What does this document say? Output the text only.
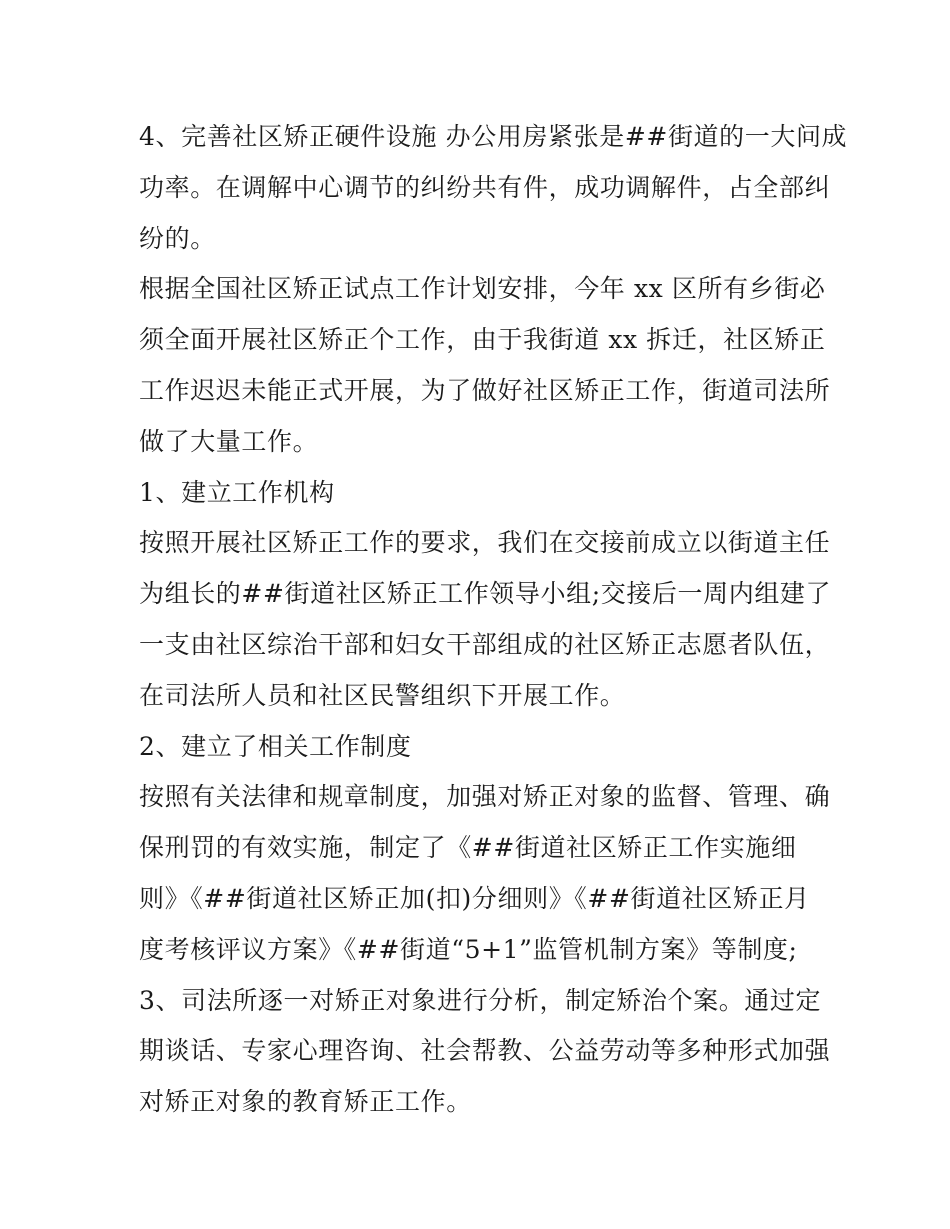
4、完善社区矫正硬件设施 办公用房紧张是##街道的一大问成
功率。在调解中心调节的纠纷共有件，成功调解件，占全部纠
纷的。
根据全国社区矫正试点工作计划安排，今年 xx 区所有乡街必
须全面开展社区矫正个工作，由于我街道 xx 拆迁，社区矫正
工作迟迟未能正式开展，为了做好社区矫正工作，街道司法所
做了大量工作。
1、建立工作机构
按照开展社区矫正工作的要求，我们在交接前成立以街道主任
为组长的##街道社区矫正工作领导小组;交接后一周内组建了
一支由社区综治干部和妇女干部组成的社区矫正志愿者队伍，
在司法所人员和社区民警组织下开展工作。
2、建立了相关工作制度
按照有关法律和规章制度，加强对矫正对象的监督、管理、确
保刑罚的有效实施，制定了《##街道社区矫正工作实施细
则》《##街道社区矫正加(扣)分细则》《##街道社区矫正月
度考核评议方案》《##街道“5+1”监管机制方案》等制度;
3、司法所逐一对矫正对象进行分析，制定矫治个案。通过定
期谈话、专家心理咨询、社会帮教、公益劳动等多种形式加强
对矫正对象的教育矫正工作。
